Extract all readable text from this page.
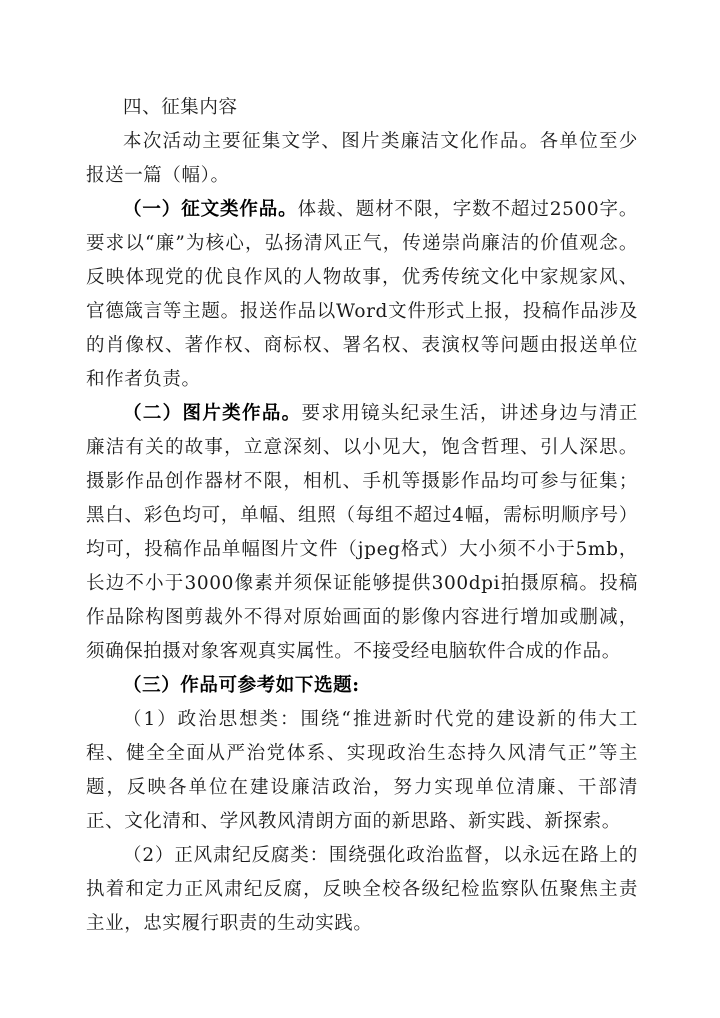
四、征集内容

本次活动主要征集文学、图片类廉洁文化作品。各单位至少报送一篇（幅）。

（一）征文类作品。体裁、题材不限，字数不超过2500字。要求以“廉”为核心，弘扬清风正气，传递崇尚廉洁的价值观念。反映体现党的优良作风的人物故事，优秀传统文化中家规家风、官德箴言等主题。报送作品以Word文件形式上报，投稿作品涉及的肖像权、著作权、商标权、署名权、表演权等问题由报送单位和作者负责。

（二）图片类作品。要求用镜头纪录生活，讲述身边与清正廉洁有关的故事，立意深刻、以小见大，饱含哲理、引人深思。摄影作品创作器材不限，相机、手机等摄影作品均可参与征集；黑白、彩色均可，单幅、组照（每组不超过4幅，需标明顺序号）均可，投稿作品单幅图片文件（jpeg格式）大小须不小于5mb，长边不小于3000像素并须保证能够提供300dpi拍摄原稿。投稿作品除构图剪裁外不得对原始画面的影像内容进行增加或删减，须确保拍摄对象客观真实属性。不接受经电脑软件合成的作品。

（三）作品可参考如下选题:

（1）政治思想类：围绕“推进新时代党的建设新的伟大工程、健全全面从严治党体系、实现政治生态持久风清气正”等主题，反映各单位在建设廉洁政治，努力实现单位清廉、干部清正、文化清和、学风教风清朗方面的新思路、新实践、新探索。

（2）正风肃纪反腐类：围绕强化政治监督，以永远在路上的执着和定力正风肃纪反腐，反映全校各级纪检监察队伍聚焦主责主业，忠实履行职责的生动实践。
